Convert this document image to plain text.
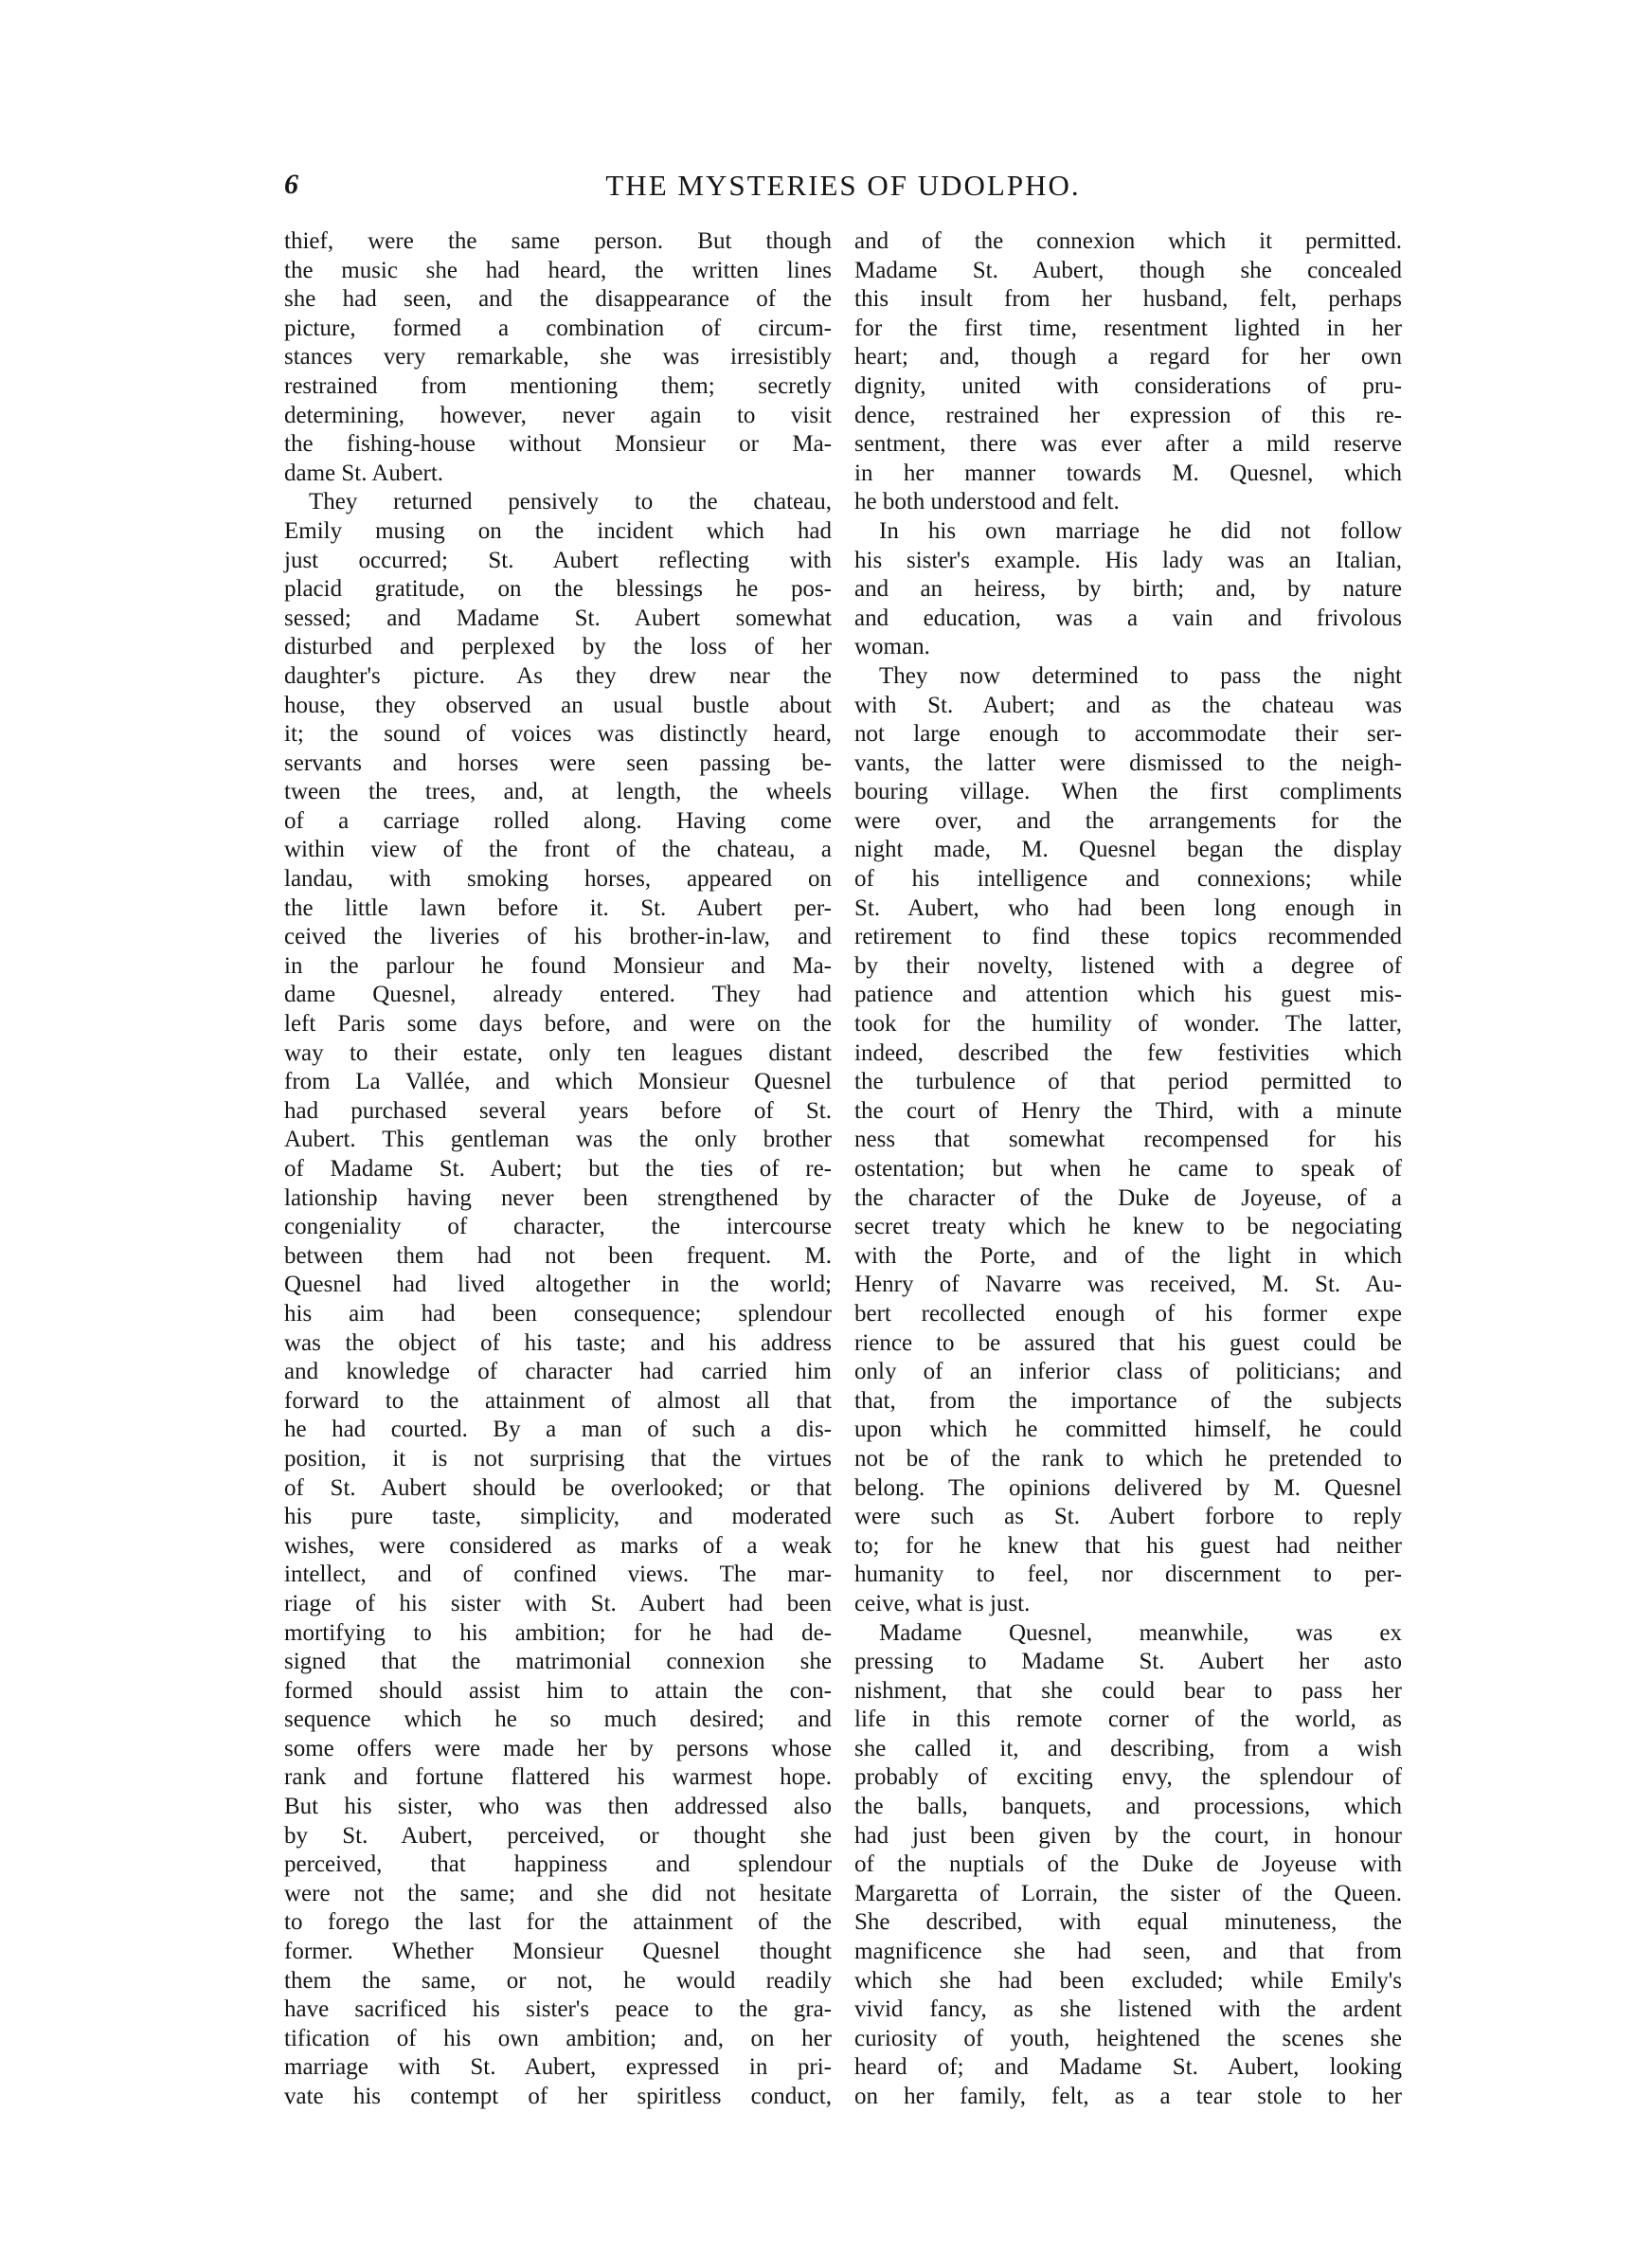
6	THE MYSTERIES OF UDOLPHO.
thief, were the same person. But though
the music she had heard, the written lines
she had seen, and the disappearance of the
picture, formed a combination of circum-
stances very remarkable, she was irresistibly
restrained from mentioning them; secretly
determining, however, never again to visit
the fishing-house without Monsieur or Ma-
dame St. Aubert.
They returned pensively to the chateau,
Emily musing on the incident which had
just occurred; St. Aubert reflecting with
placid gratitude, on the blessings he pos-
sessed; and Madame St. Aubert somewhat
disturbed and perplexed by the loss of her
daughter's picture. As they drew near the
house, they observed an usual bustle about
it; the sound of voices was distinctly heard,
servants and horses were seen passing be-
tween the trees, and, at length, the wheels
of a carriage rolled along. Having come
within view of the front of the chateau, a
landau, with smoking horses, appeared on
the little lawn before it. St. Aubert per-
ceived the liveries of his brother-in-law, and
in the parlour he found Monsieur and Ma-
dame Quesnel, already entered. They had
left Paris some days before, and were on the
way to their estate, only ten leagues distant
from La Vallée, and which Monsieur Quesnel
had purchased several years before of St.
Aubert. This gentleman was the only brother
of Madame St. Aubert; but the ties of re-
lationship having never been strengthened by
congeniality of character, the intercourse
between them had not been frequent. M.
Quesnel had lived altogether in the world;
his aim had been consequence; splendour
was the object of his taste; and his address
and knowledge of character had carried him
forward to the attainment of almost all that
he had courted. By a man of such a dis-
position, it is not surprising that the virtues
of St. Aubert should be overlooked; or that
his pure taste, simplicity, and moderated
wishes, were considered as marks of a weak
intellect, and of confined views. The mar-
riage of his sister with St. Aubert had been
mortifying to his ambition; for he had de-
signed that the matrimonial connexion she
formed should assist him to attain the con-
sequence which he so much desired; and
some offers were made her by persons whose
rank and fortune flattered his warmest hope.
But his sister, who was then addressed also
by St. Aubert, perceived, or thought she
perceived, that happiness and splendour
were not the same; and she did not hesitate
to forego the last for the attainment of the
former. Whether Monsieur Quesnel thought
them the same, or not, he would readily
have sacrificed his sister's peace to the gra-
tification of his own ambition; and, on her
marriage with St. Aubert, expressed in pri-
vate his contempt of her spiritless conduct,
and of the connexion which it permitted.
Madame St. Aubert, though she concealed
this insult from her husband, felt, perhaps
for the first time, resentment lighted in her
heart; and, though a regard for her own
dignity, united with considerations of pru-
dence, restrained her expression of this re-
sentment, there was ever after a mild reserve
in her manner towards M. Quesnel, which
he both understood and felt.
In his own marriage he did not follow
his sister's example. His lady was an Italian,
and an heiress, by birth; and, by nature
and education, was a vain and frivolous
woman.
They now determined to pass the night
with St. Aubert; and as the chateau was
not large enough to accommodate their ser-
vants, the latter were dismissed to the neigh-
bouring village. When the first compliments
were over, and the arrangements for the
night made, M. Quesnel began the display
of his intelligence and connexions; while
St. Aubert, who had been long enough in
retirement to find these topics recommended
by their novelty, listened with a degree of
patience and attention which his guest mis-
took for the humility of wonder. The latter,
indeed, described the few festivities which
the turbulence of that period permitted to
the court of Henry the Third, with a minute
ness that somewhat recompensed for his
ostentation; but when he came to speak of
the character of the Duke de Joyeuse, of a
secret treaty which he knew to be negociating
with the Porte, and of the light in which
Henry of Navarre was received, M. St. Au-
bert recollected enough of his former expe
rience to be assured that his guest could be
only of an inferior class of politicians; and
that, from the importance of the subjects
upon which he committed himself, he could
not be of the rank to which he pretended to
belong. The opinions delivered by M. Quesnel
were such as St. Aubert forbore to reply
to; for he knew that his guest had neither
humanity to feel, nor discernment to per-
ceive, what is just.
Madame Quesnel, meanwhile, was ex
pressing to Madame St. Aubert her asto
nishment, that she could bear to pass her
life in this remote corner of the world, as
she called it, and describing, from a wish
probably of exciting envy, the splendour of
the balls, banquets, and processions, which
had just been given by the court, in honour
of the nuptials of the Duke de Joyeuse with
Margaretta of Lorrain, the sister of the Queen.
She described, with equal minuteness, the
magnificence she had seen, and that from
which she had been excluded; while Emily's
vivid fancy, as she listened with the ardent
curiosity of youth, heightened the scenes she
heard of; and Madame St. Aubert, looking
on her family, felt, as a tear stole to her
